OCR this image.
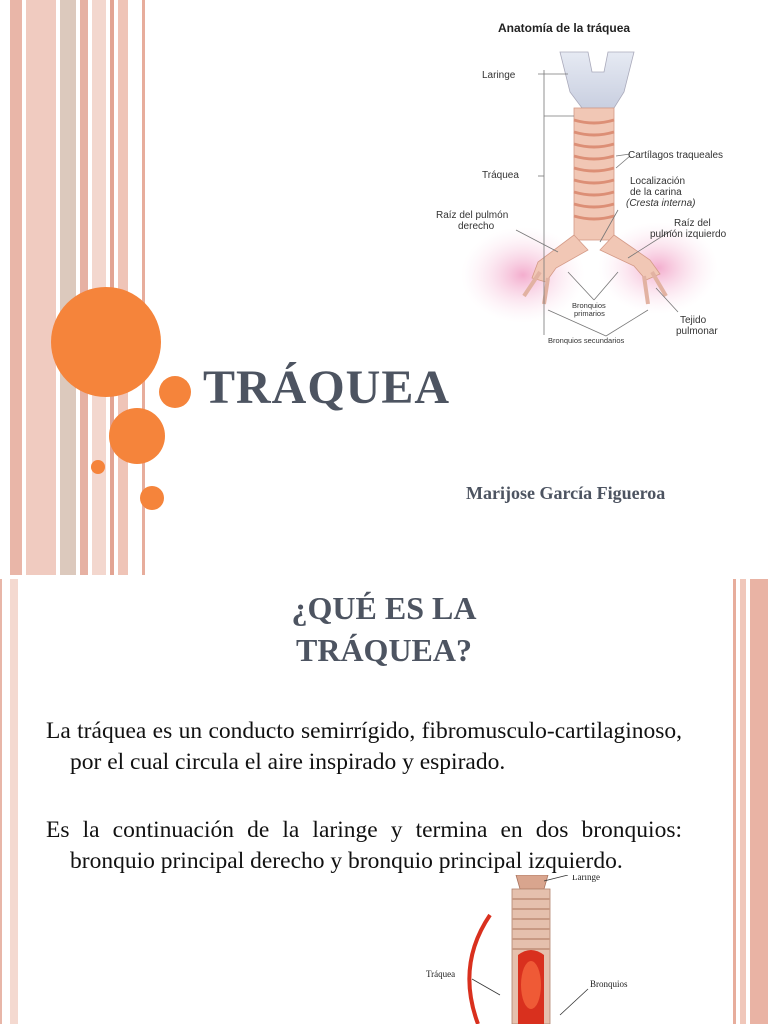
TRÁQUEA

Marijose García Figueroa

Anatomía de la tráquea
Laringe
Tráquea
Cartílagos traqueales
Localización
de la carina
(Cresta interna)
Raíz del pulmón
derecho	Raíz del
pulmón izquierdo
Bronquios
primarios
Bronquios secundarios
Tejido
pulmonar
¿QUÉ ES LA
TRÁQUEA?

La tráquea es un conducto semirrígido, fibromusculo-cartilaginoso, por el cual circula el aire inspirado y espirado.

Es la continuación de la laringe y termina en dos bronquios: bronquio principal derecho y bronquio principal izquierdo.

Laringe
Tráquea
Bronquios
